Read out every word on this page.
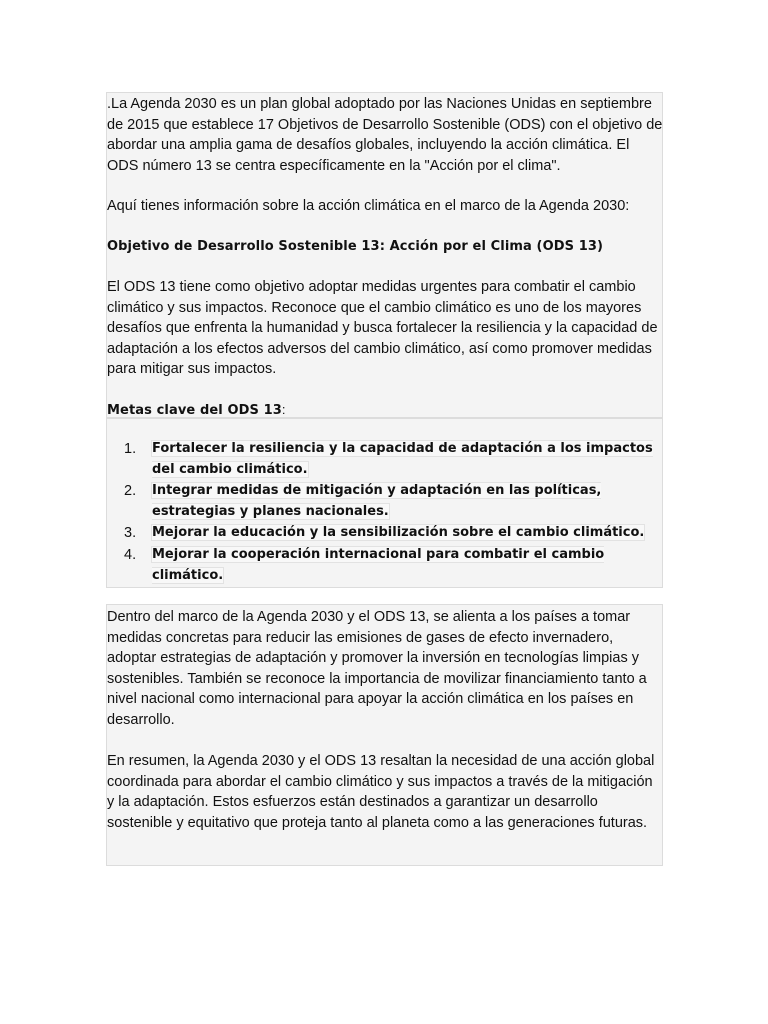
.La Agenda 2030 es un plan global adoptado por las Naciones Unidas en septiembre de 2015 que establece 17 Objetivos de Desarrollo Sostenible (ODS) con el objetivo de abordar una amplia gama de desafíos globales, incluyendo la acción climática. El ODS número 13 se centra específicamente en la "Acción por el clima".

Aquí tienes información sobre la acción climática en el marco de la Agenda 2030:

Objetivo de Desarrollo Sostenible 13: Acción por el Clima (ODS 13)

El ODS 13 tiene como objetivo adoptar medidas urgentes para combatir el cambio climático y sus impactos. Reconoce que el cambio climático es uno de los mayores desafíos que enfrenta la humanidad y busca fortalecer la resiliencia y la capacidad de adaptación a los efectos adversos del cambio climático, así como promover medidas para mitigar sus impactos.

Metas clave del ODS 13:

1.	Fortalecer la resiliencia y la capacidad de adaptación a los impactos del cambio climático.
2.	Integrar medidas de mitigación y adaptación en las políticas, estrategias y planes nacionales.
3.	Mejorar la educación y la sensibilización sobre el cambio climático.
4.	Mejorar la cooperación internacional para combatir el cambio climático.

Dentro del marco de la Agenda 2030 y el ODS 13, se alienta a los países a tomar medidas concretas para reducir las emisiones de gases de efecto invernadero, adoptar estrategias de adaptación y promover la inversión en tecnologías limpias y sostenibles. También se reconoce la importancia de movilizar financiamiento tanto a nivel nacional como internacional para apoyar la acción climática en los países en desarrollo.

En resumen, la Agenda 2030 y el ODS 13 resaltan la necesidad de una acción global coordinada para abordar el cambio climático y sus impactos a través de la mitigación y la adaptación. Estos esfuerzos están destinados a garantizar un desarrollo sostenible y equitativo que proteja tanto al planeta como a las generaciones futuras.
